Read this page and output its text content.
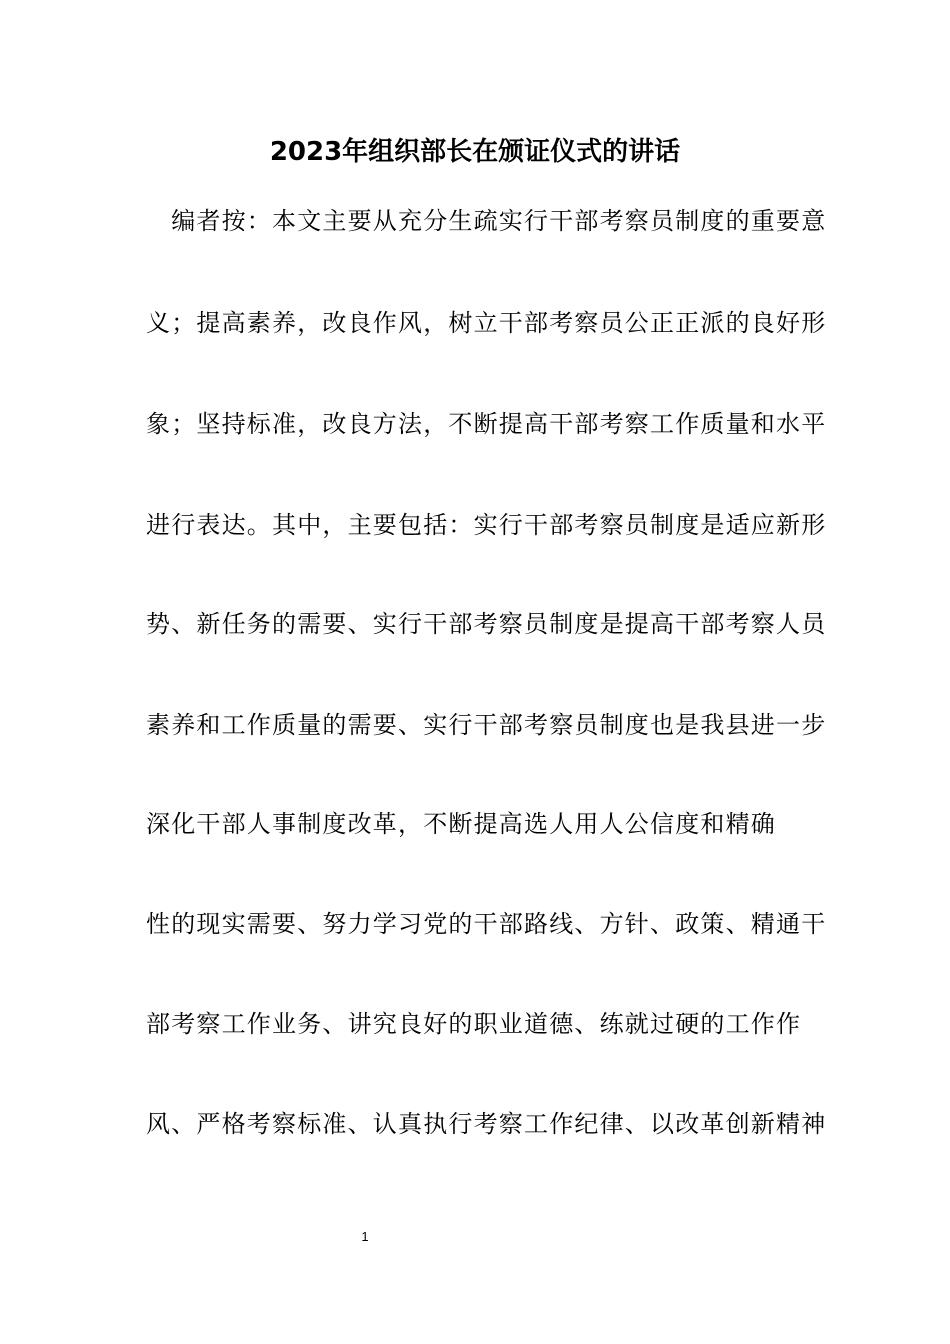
2023年组织部长在颁证仪式的讲话
　编者按：本文主要从充分生疏实行干部考察员制度的重要意
义；提高素养，改良作风，树立干部考察员公正正派的良好形
象；坚持标准，改良方法，不断提高干部考察工作质量和水平
进行表达。其中，主要包括：实行干部考察员制度是适应新形
势、新任务的需要、实行干部考察员制度是提高干部考察人员
素养和工作质量的需要、实行干部考察员制度也是我县进一步
深化干部人事制度改革，不断提高选人用人公信度和精确
性的现实需要、努力学习党的干部路线、方针、政策、精通干
部考察工作业务、讲究良好的职业道德、练就过硬的工作作
风、严格考察标准、认真执行考察工作纪律、以改革创新精神
1
